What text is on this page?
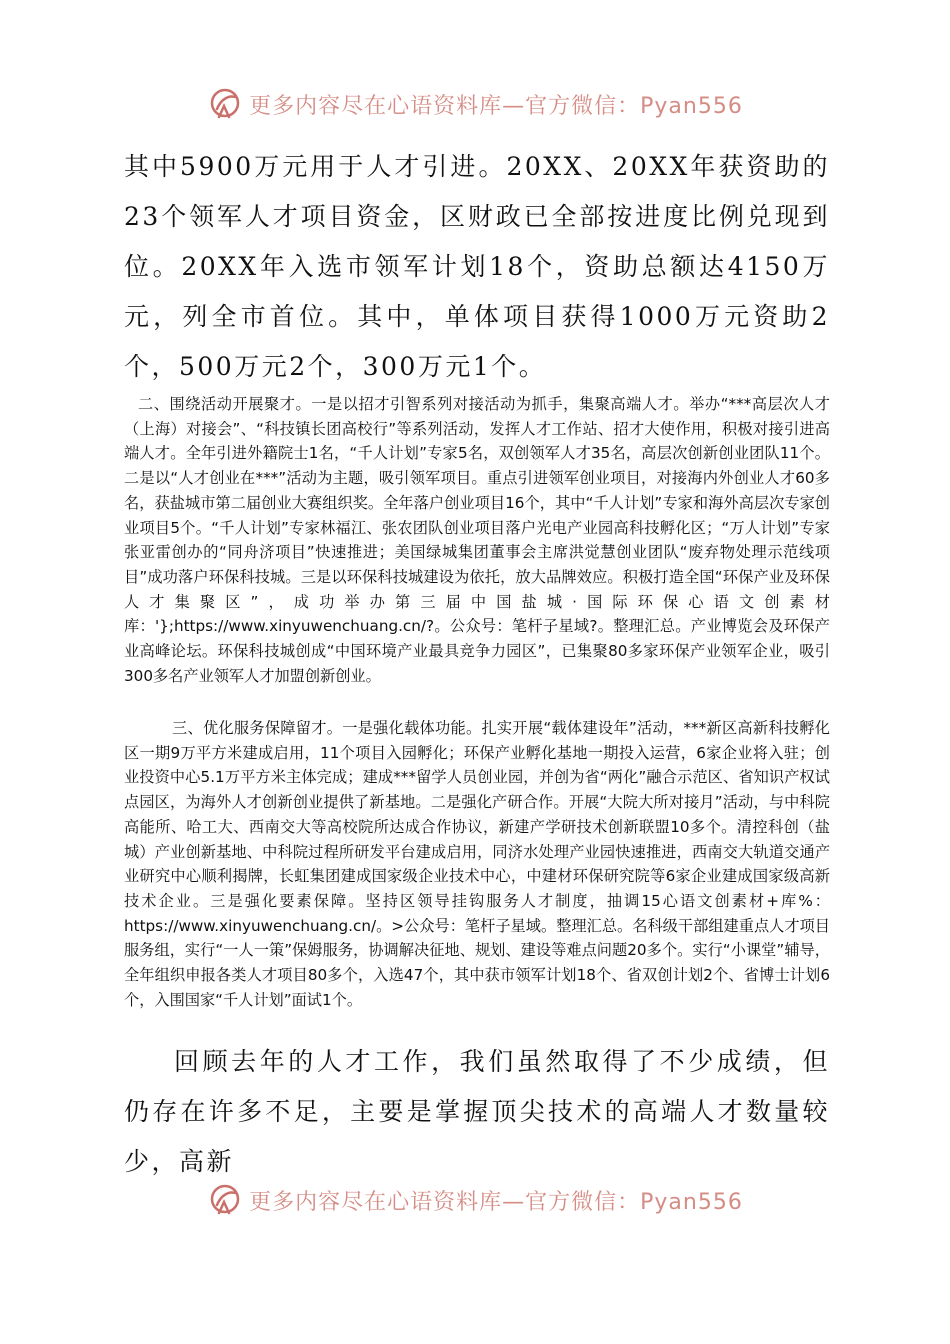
更多内容尽在心语资料库—官方微信：Pyan556

其中5900万元用于人才引进。20XX、20XX年获资助的23个领军人才项目资金，区财政已全部按进度比例兑现到位。20XX年入选市领军计划18个，资助总额达4150万元，列全市首位。其中，单体项目获得1000万元资助2个，500万元2个，300万元1个。

二、围绕活动开展聚才。一是以招才引智系列对接活动为抓手，集聚高端人才。举办“***高层次人才（上海）对接会”、“科技镇长团高校行”等系列活动，发挥人才工作站、招才大使作用，积极对接引进高端人才。全年引进外籍院士1名，“千人计划”专家5名，双创领军人才35名，高层次创新创业团队11个。二是以“人才创业在***”活动为主题，吸引领军项目。重点引进领军创业项目，对接海内外创业人才60多名，获盐城市第二届创业大赛组织奖。全年落户创业项目16个，其中“千人计划”专家和海外高层次专家创业项目5个。“千人计划”专家林福江、张农团队创业项目落户光电产业园高科技孵化区；“万人计划”专家张亚雷创办的“同舟济项目”快速推进；美国绿城集团董事会主席洪觉慧创业团队“废弃物处理示范线项目”成功落户环保科技城。三是以环保科技城建设为依托，放大品牌效应。积极打造全国“环保产业及环保人才集聚区”，成功举办第三届中国盐城·国际环保心语文创素材库：'};https://www.xinyuwenchuang.cn/?。公众号：笔杆子星域?。整理汇总。产业博览会及环保产业高峰论坛。环保科技城创成“中国环境产业最具竞争力园区”，已集聚80多家环保产业领军企业，吸引300多名产业领军人才加盟创新创业。

三、优化服务保障留才。一是强化载体功能。扎实开展“载体建设年”活动，***新区高新科技孵化区一期9万平方米建成启用，11个项目入园孵化；环保产业孵化基地一期投入运营，6家企业将入驻；创业投资中心5.1万平方米主体完成；建成***留学人员创业园，并创为省“两化”融合示范区、省知识产权试点园区，为海外人才创新创业提供了新基地。二是强化产研合作。开展“大院大所对接月”活动，与中科院高能所、哈工大、西南交大等高校院所达成合作协议，新建产学研技术创新联盟10多个。清控科创（盐城）产业创新基地、中科院过程所研发平台建成启用，同济水处理产业园快速推进，西南交大轨道交通产业研究中心顺利揭牌，长虹集团建成国家级企业技术中心，中建材环保研究院等6家企业建成国家级高新技术企业。三是强化要素保障。坚持区领导挂钩服务人才制度，抽调15心语文创素材+库%：https://www.xinyuwenchuang.cn/。>公众号：笔杆子星域。整理汇总。名科级干部组建重点人才项目服务组，实行“一人一策”保姆服务，协调解决征地、规划、建设等难点问题20多个。实行“小课堂”辅导，全年组织申报各类人才项目80多个，入选47个，其中获市领军计划18个、省双创计划2个、省博士计划6个，入围国家“千人计划”面试1个。

回顾去年的人才工作，我们虽然取得了不少成绩，但仍存在许多不足，主要是掌握顶尖技术的高端人才数量较少，高新

更多内容尽在心语资料库—官方微信：Pyan556
